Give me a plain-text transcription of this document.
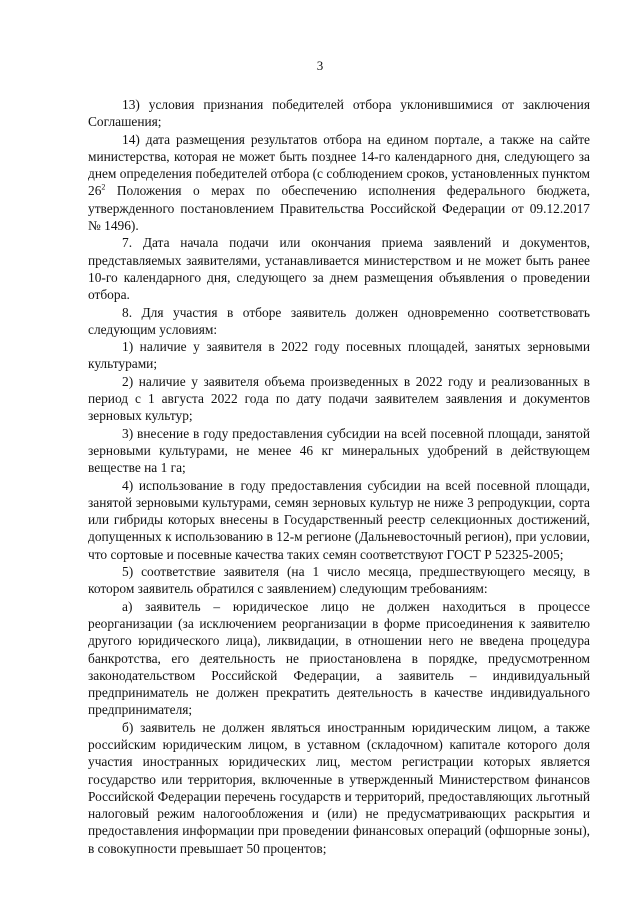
3

13) условия признания победителей отбора уклонившимися от заключения Соглашения;

14) дата размещения результатов отбора на едином портале, а также на сайте министерства, которая не может быть позднее 14-го календарного дня, следующего за днем определения победителей отбора (с соблюдением сроков, установленных пунктом $26^2$ Положения о мерах по обеспечению исполнения федерального бюджета, утвержденного постановлением Правительства Российской Федерации от 09.12.2017 № 1496).

7. Дата начала подачи или окончания приема заявлений и документов, представляемых заявителями, устанавливается министерством и не может быть ранее 10-го календарного дня, следующего за днем размещения объявления о проведении отбора.

8. Для участия в отборе заявитель должен одновременно соответствовать следующим условиям:

1) наличие у заявителя в 2022 году посевных площадей, занятых зерновыми культурами;

2) наличие у заявителя объема произведенных в 2022 году и реализованных в период с 1 августа 2022 года по дату подачи заявителем заявления и документов зерновых культур;

3) внесение в году предоставления субсидии на всей посевной площади, занятой зерновыми культурами, не менее 46 кг минеральных удобрений в действующем веществе на 1 га;

4) использование в году предоставления субсидии на всей посевной площади, занятой зерновыми культурами, семян зерновых культур не ниже 3 репродукции, сорта или гибриды которых внесены в Государственный реестр селекционных достижений, допущенных к использованию в 12-м регионе (Дальневосточный регион), при условии, что сортовые и посевные качества таких семян соответствуют ГОСТ Р 52325-2005;

5) соответствие заявителя (на 1 число месяца, предшествующего месяцу, в котором заявитель обратился с заявлением) следующим требованиям:

а) заявитель – юридическое лицо не должен находиться в процессе реорганизации (за исключением реорганизации в форме присоединения к заявителю другого юридического лица), ликвидации, в отношении него не введена процедура банкротства, его деятельность не приостановлена в порядке, предусмотренном законодательством Российской Федерации, а заявитель – индивидуальный предприниматель не должен прекратить деятельность в качестве индивидуального предпринимателя;

б) заявитель не должен являться иностранным юридическим лицом, а также российским юридическим лицом, в уставном (складочном) капитале которого доля участия иностранных юридических лиц, местом регистрации которых является государство или территория, включенные в утвержденный Министерством финансов Российской Федерации перечень государств и территорий, предоставляющих льготный налоговый режим налогообложения и (или) не предусматривающих раскрытия и предоставления информации при проведении финансовых операций (офшорные зоны), в совокупности превышает 50 процентов;
